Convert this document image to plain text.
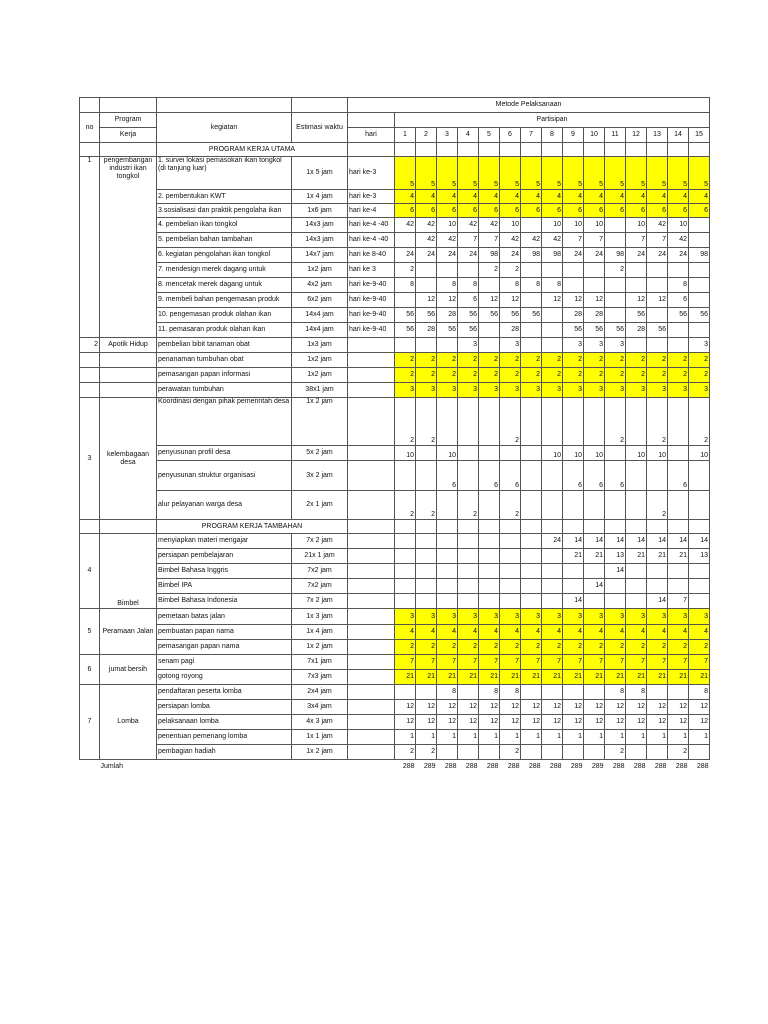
				Metode Pelaksanaan															
no	Program	kegiatan	Estimasi waktu		Partisipan														
	Kerja			hari	1	2	3	4	5	6	7	8	9	10	11	12	13	14	15
		PROGRAM KERJA UTAMA																	
1	pengembangan industri ikan tongkol	1. survei lokasi pemasokan ikan tongkol (di tanjung luar)	1x 5 jam	hari ke-3	5	5	5	5	5	5	5	5	5	5	5	5	5	5	5
		2. pembentukan KWT	1x 4 jam	hari ke-3	4	4	4	4	4	4	4	4	4	4	4	4	4	4	4
		3.sosialisasi dan praktik pengolaha ikan	1x6 jam	hari ke-4	6	6	6	6	6	6	6	6	6	6	6	6	6	6	6
		4. pembelian ikan tongkol	14x3 jam	hari ke-4 -40	42	42	10	42	42	10		10	10	10		10	42	10	
		5. pembelian bahan tambahan	14x3 jam	hari ke-4 -40		42	42	7	7	42	42	42	7	7		7	7	42	
		6. kegiatan pengolahan ikan tongkol	14x7 jam	hari ke 8-40	24	24	24	24	98	24	98	98	24	24	98	24	24	24	98
		7. mendesign merek dagang untuk	1x2 jam	hari ke 3	2				2	2					2				
		8. mencetak merek dagang untuk	4x2 jam	hari ke-9-40	8		8	8		8	8	8						8	
		9. membeli bahan pengemasan produk	6x2 jam	hari ke-9-40		12	12	6	12	12		12	12	12		12	12	6	
		10. pengemasan produk olahan ikan	14x4 jam	hari ke-9-40	56	56	28	56	56	56	56		28	28		56		56	56
		11. pemasaran produk olahan ikan	14x4 jam	hari ke-9-40	56	28	56	56		28			56	56	56	28	56		
2	Apotik Hidup	pembelian bibit tanaman obat	1x3 jam					3		3			3	3	3				3
		penanaman tumbuhan obat	1x2 jam		2	2	2	2	2	2	2	2	2	2	2	2	2	2	2
		pemasangan papan informasi	1x2 jam		2	2	2	2	2	2	2	2	2	2	2	2	2	2	2
		perawatan tumbuhan	38x1 jam		3	3	3	3	3	3	3	3	3	3	3	3	3	3	3
3	kelembagaan desa	Koordinasi dengan pihak pemerintah desa	1x 2 jam		2	2				2					2		2		2
		penyusunan profil desa	5x 2 jam		10		10					10	10	10		10	10		10
		penyusunan struktur organisasi	3x 2 jam				6		6	6			6	6	6			6	
		alur pelayanan warga desa	2x 1 jam		2	2		2		2							2		
		PROGRAM KERJA TAMBAHAN																	
4	Bimbel	menyiapkan materi mengajar	7x 2 jam									24	14	14	14	14	14	14	14
		persiapan pembelajaran	21x 1 jam										21	21	13	21	21	21	13
		Bimbel Bahasa Inggris	7x2 jam												14				
		Bimbel IPA	7x2 jam											14					
		Bimbel Bahasa Indonesia	7x 2 jam										14				14	7	
5	Peramaan Jalan	pemetaan batas jalan	1x 3 jam		3	3	3	3	3	3	3	3	3	3	3	3	3	3	3
		pembuatan papan nama	1x 4 jam		4	4	4	4	4	4	4	4	4	4	4	4	4	4	4
		pemasangan papan nama	1x 2 jam		2	2	2	2	2	2	2	2	2	2	2	2	2	2	2
6	jumat bersih	senam pagi	7x1 jam		7	7	7	7	7	7	7	7	7	7	7	7	7	7	7
		gotong royong	7x3 jam		21	21	21	21	21	21	21	21	21	21	21	21	21	21	21
7	Lomba	pendaftaran peserta lomba	2x4 jam				8		8	8					8	8			8
		persiapan lomba	3x4 jam		12	12	12	12	12	12	12	12	12	12	12	12	12	12	12
		pelaksanaan lomba	4x 3 jam		12	12	12	12	12	12	12	12	12	12	12	12	12	12	12
		penentuan pemenang lomba	1x 1 jam		1	1	1	1	1	1	1	1	1	1	1	1	1	1	1
		pembagian hadiah	1x 2 jam		2	2				2					2			2	
	Jumlah				288	289	288	288	288	288	288	288	289	289	288	288	288	288	288
